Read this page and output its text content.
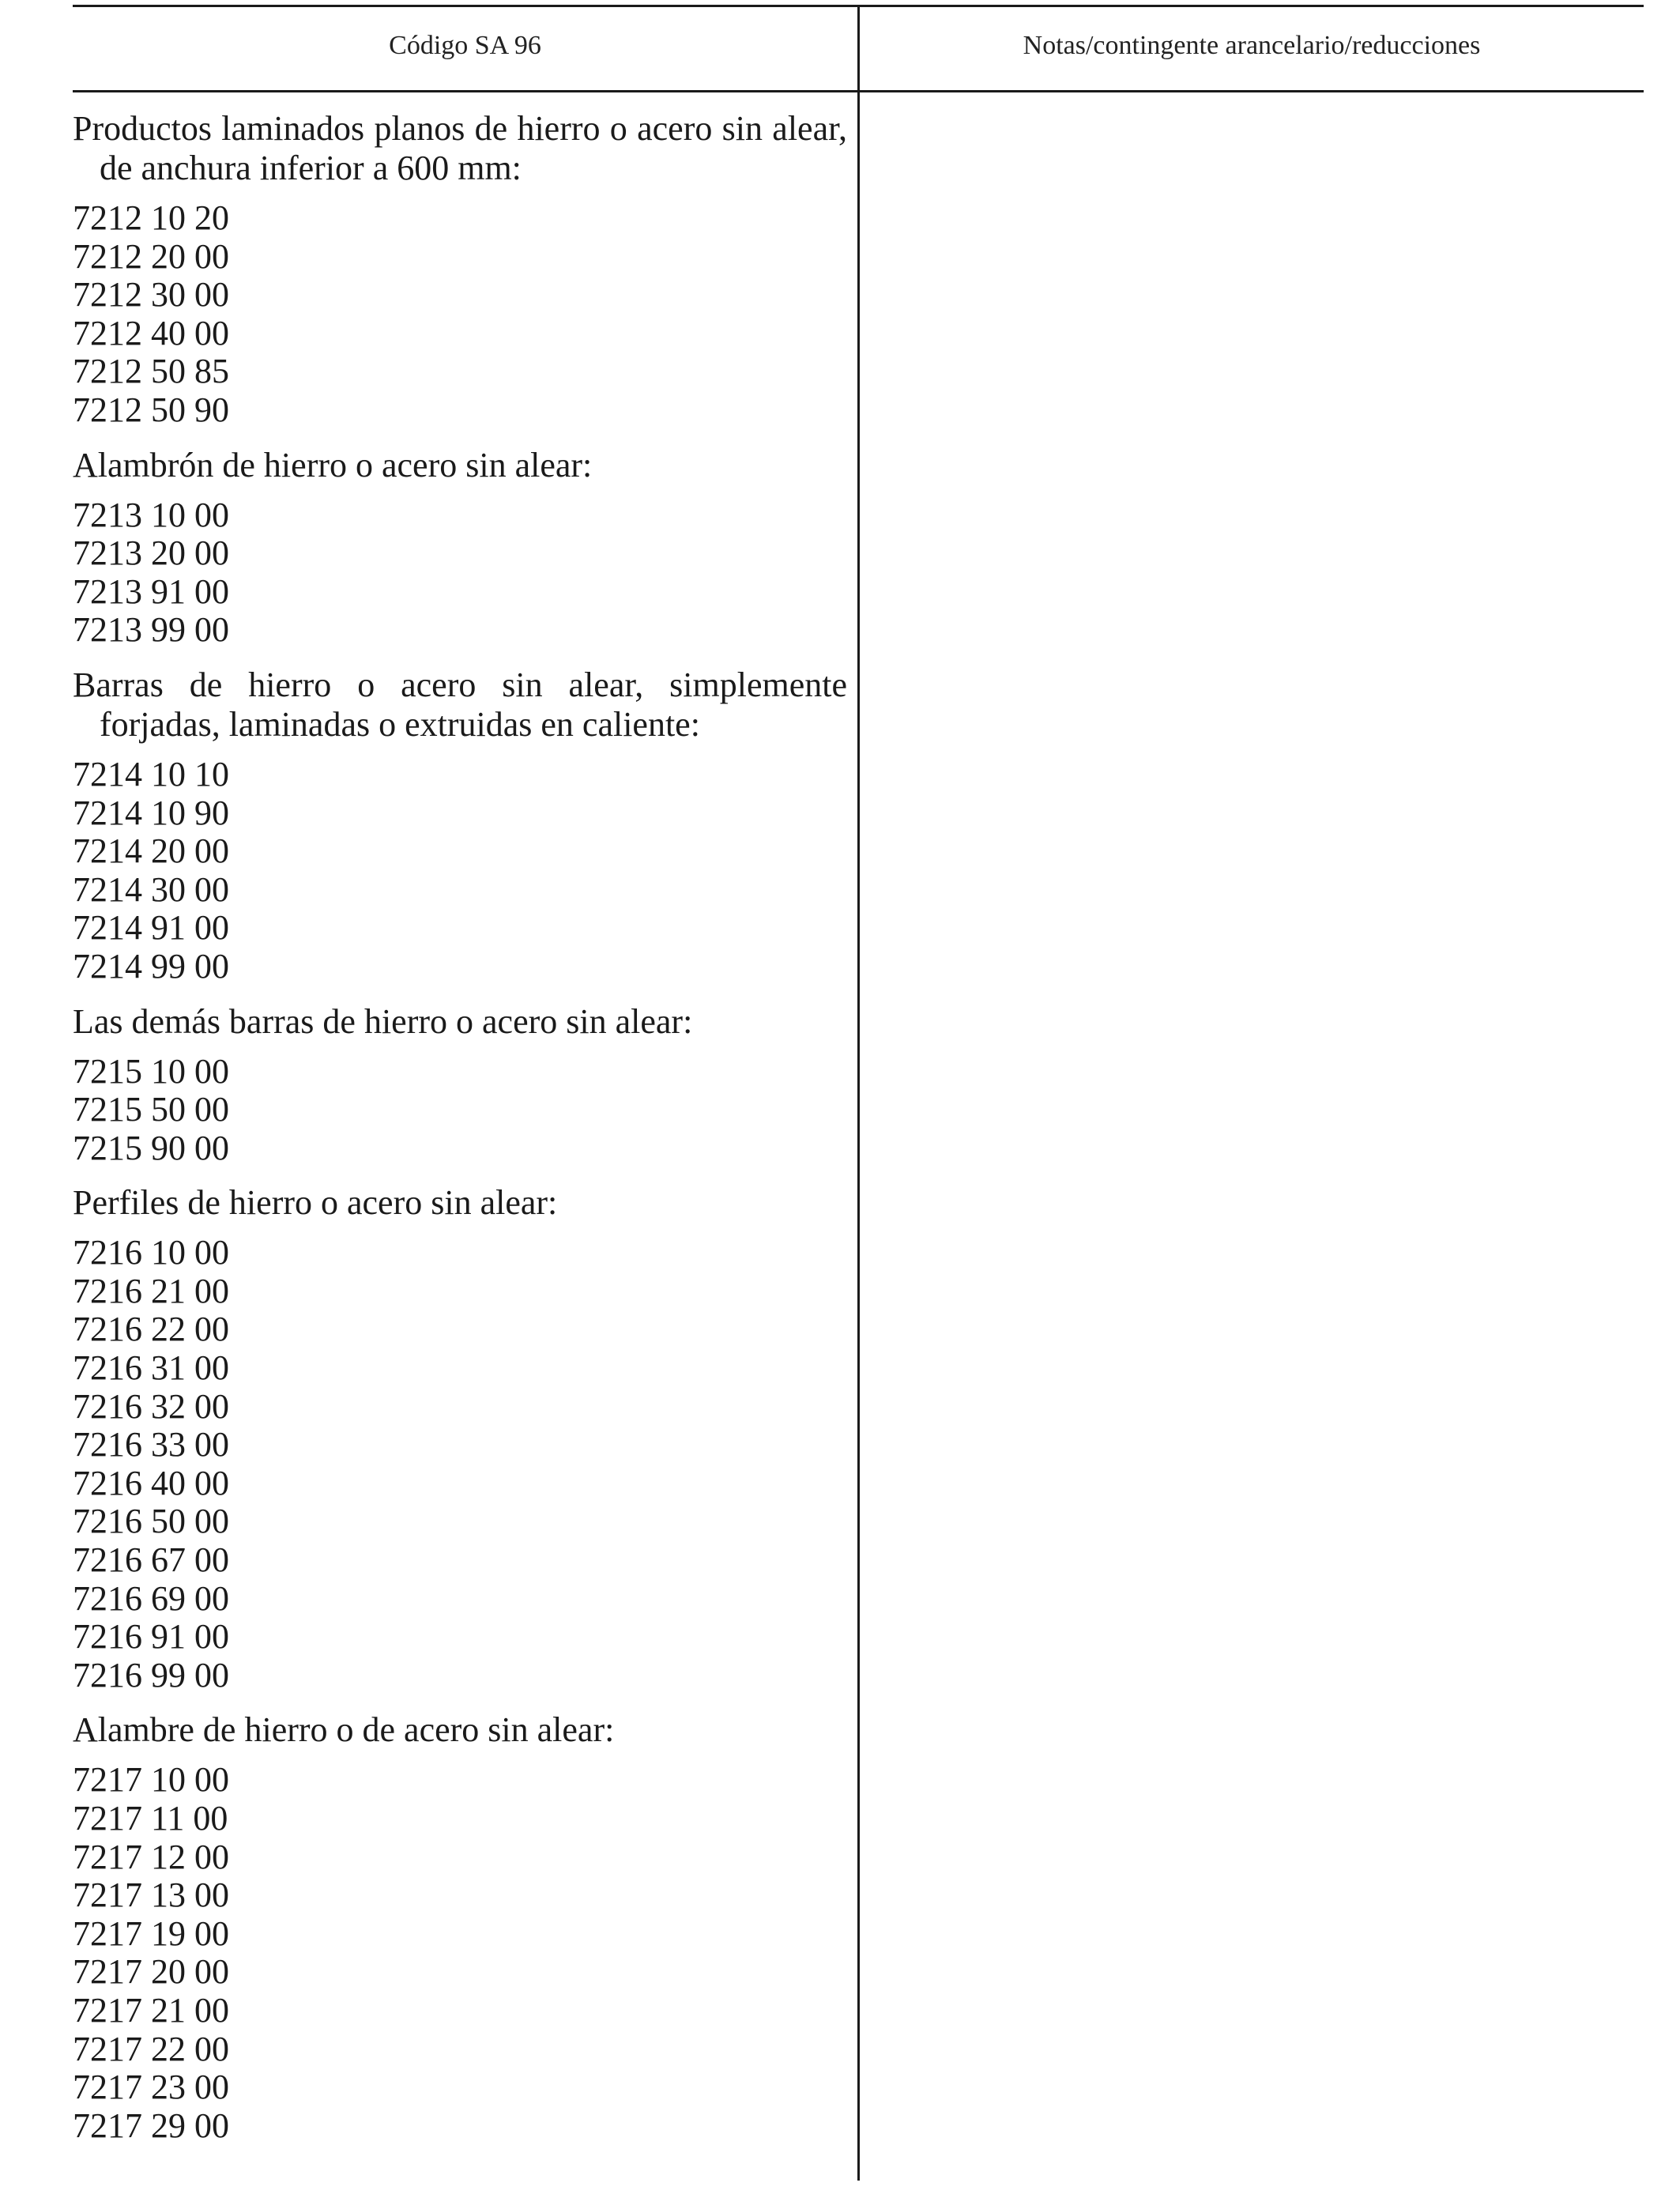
Código SA 96	Notas/contingente arancelario/reducciones

Productos laminados planos de hierro o acero sin alear, de anchura inferior a 600 mm:

7212 10 20
7212 20 00
7212 30 00
7212 40 00
7212 50 85
7212 50 90

Alambrón de hierro o acero sin alear:

7213 10 00
7213 20 00
7213 91 00
7213 99 00

Barras de hierro o acero sin alear, simplemente forjadas, laminadas o extruidas en caliente:

7214 10 10
7214 10 90
7214 20 00
7214 30 00
7214 91 00
7214 99 00

Las demás barras de hierro o acero sin alear:

7215 10 00
7215 50 00
7215 90 00

Perfiles de hierro o acero sin alear:

7216 10 00
7216 21 00
7216 22 00
7216 31 00
7216 32 00
7216 33 00
7216 40 00
7216 50 00
7216 67 00
7216 69 00
7216 91 00
7216 99 00

Alambre de hierro o de acero sin alear:

7217 10 00
7217 11 00
7217 12 00
7217 13 00
7217 19 00
7217 20 00
7217 21 00
7217 22 00
7217 23 00
7217 29 00
